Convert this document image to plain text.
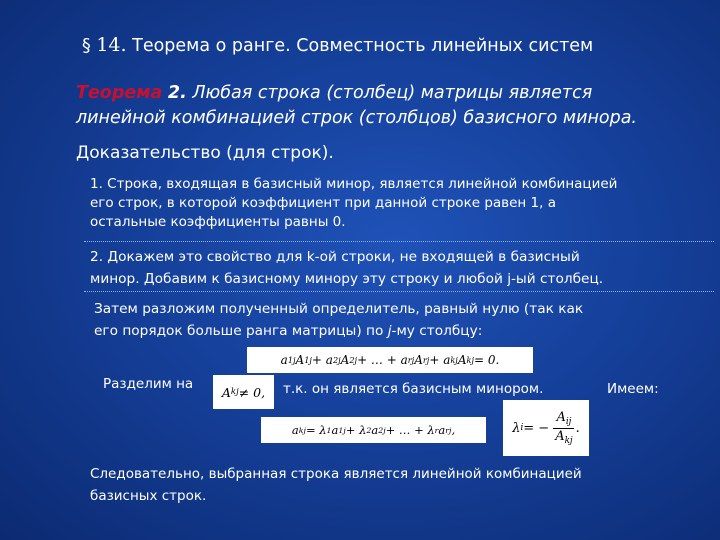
§ 14. Теорема о ранге. Совместность линейных систем
Теорема 2. Любая строка (столбец) матрицы является
линейной комбинацией строк (столбцов) базисного минора.
Доказательство (для строк).
1. Строка, входящая в базисный минор, является линейной комбинацией
его строк, в которой коэффициент при данной строке равен 1, а
остальные коэффициенты равны 0.
2. Докажем это свойство для k-ой строки, не входящей в базисный
минор. Добавим к базисному минору эту строку и любой j-ый столбец.
Затем разложим полученный определитель, равный нулю (так как
его порядок больше ранга матрицы) по j-му столбцу:
a 1j A 1j + a 2j A 2j + … + a rj A rj + a kj A kj = 0.
Разделим на	A kj ≠ 0,	т.к. он является базисным минором.	Имеем:
a kj = λ 1 a 1j + λ 2 a 2j + … + λ r a rj ,	λ i = − $\frac{A_{ij}}{A_{kj}}$ .
Следовательно, выбранная строка является линейной комбинацией
базисных строк.
